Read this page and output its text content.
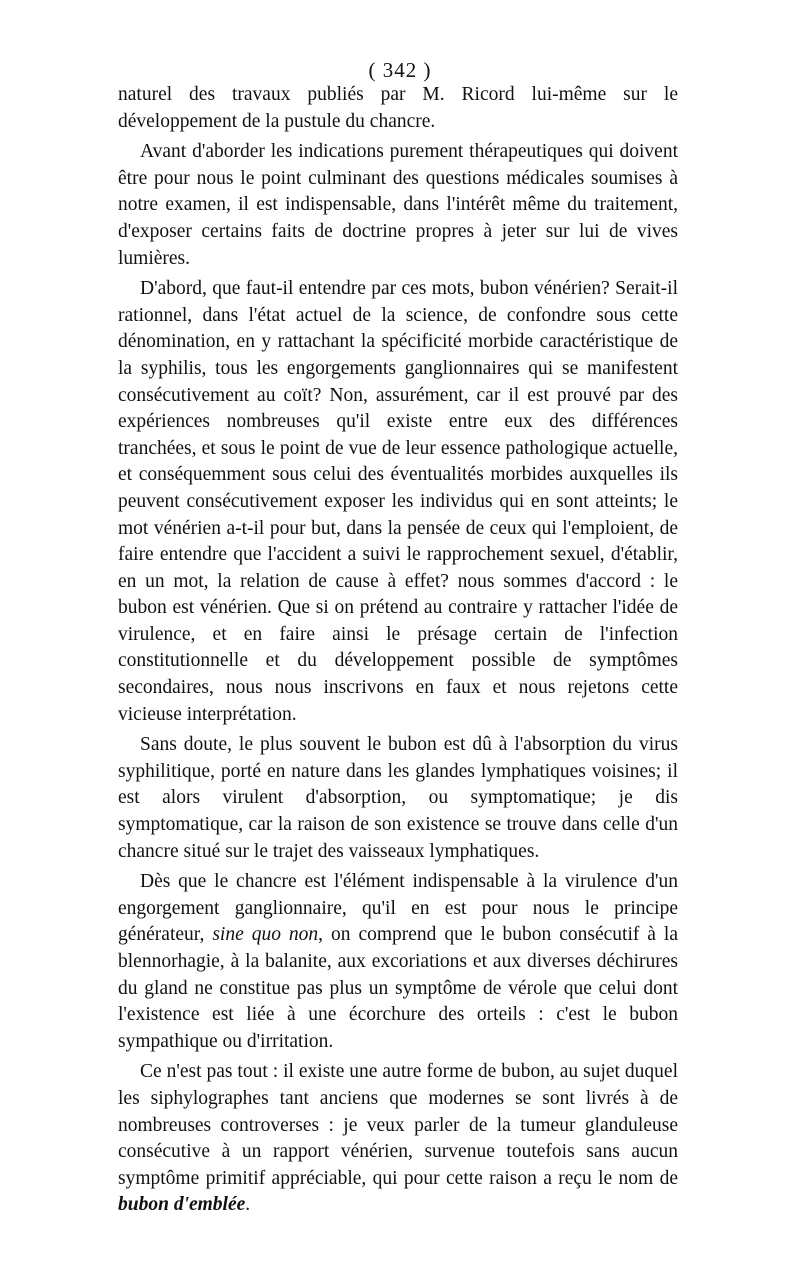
( 342 )

naturel des travaux publiés par M. Ricord lui-même sur le développement de la pustule du chancre.

Avant d'aborder les indications purement thérapeutiques qui doivent être pour nous le point culminant des questions médicales soumises à notre examen, il est indispensable, dans l'intérêt même du traitement, d'exposer certains faits de doctrine propres à jeter sur lui de vives lumières.

D'abord, que faut-il entendre par ces mots, bubon vénérien? Serait-il rationnel, dans l'état actuel de la science, de confondre sous cette dénomination, en y rattachant la spécificité morbide caractéristique de la syphilis, tous les engorgements ganglionnaires qui se manifestent consécutivement au coït? Non, assurément, car il est prouvé par des expériences nombreuses qu'il existe entre eux des différences tranchées, et sous le point de vue de leur essence pathologique actuelle, et conséquemment sous celui des éventualités morbides auxquelles ils peuvent consécutivement exposer les individus qui en sont atteints; le mot vénérien a-t-il pour but, dans la pensée de ceux qui l'emploient, de faire entendre que l'accident a suivi le rapprochement sexuel, d'établir, en un mot, la relation de cause à effet? nous sommes d'accord : le bubon est vénérien. Que si on prétend au contraire y rattacher l'idée de virulence, et en faire ainsi le présage certain de l'infection constitutionnelle et du développement possible de symptômes secondaires, nous nous inscrivons en faux et nous rejetons cette vicieuse interprétation.

Sans doute, le plus souvent le bubon est dû à l'absorption du virus syphilitique, porté en nature dans les glandes lymphatiques voisines; il est alors virulent d'absorption, ou symptomatique; je dis symptomatique, car la raison de son existence se trouve dans celle d'un chancre situé sur le trajet des vaisseaux lymphatiques.

Dès que le chancre est l'élément indispensable à la virulence d'un engorgement ganglionnaire, qu'il en est pour nous le principe générateur, sine quo non, on comprend que le bubon consécutif à la blennorhagie, à la balanite, aux excoriations et aux diverses déchirures du gland ne constitue pas plus un symptôme de vérole que celui dont l'existence est liée à une écorchure des orteils : c'est le bubon sympathique ou d'irritation.

Ce n'est pas tout : il existe une autre forme de bubon, au sujet duquel les siphylographes tant anciens que modernes se sont livrés à de nombreuses controverses : je veux parler de la tumeur glanduleuse consécutive à un rapport vénérien, survenue toutefois sans aucun symptôme primitif appréciable, qui pour cette raison a reçu le nom de bubon d'emblée.
